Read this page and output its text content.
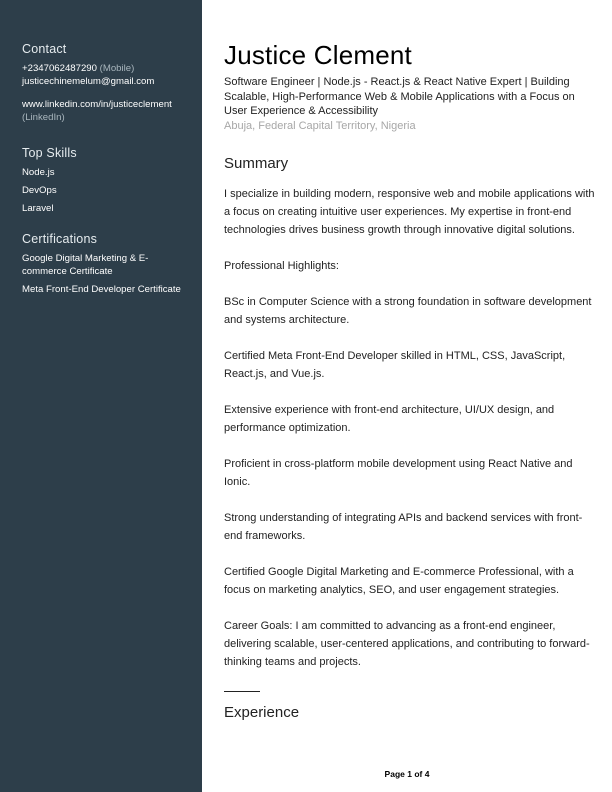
Contact
+2347062487290 (Mobile)
justicechinemelum@gmail.com
www.linkedin.com/in/justiceclement
(LinkedIn)
Top Skills
Node.js
DevOps
Laravel
Certifications
Google Digital Marketing & E-commerce Certificate
Meta Front-End Developer Certificate
Justice Clement
Software Engineer | Node.js - React.js & React Native Expert | Building Scalable, High-Performance Web & Mobile Applications with a Focus on User Experience & Accessibility
Abuja, Federal Capital Territory, Nigeria
Summary

I specialize in building modern, responsive web and mobile applications with a focus on creating intuitive user experiences. My expertise in front-end technologies drives business growth through innovative digital solutions.

Professional Highlights:

BSc in Computer Science with a strong foundation in software development and systems architecture.

Certified Meta Front-End Developer skilled in HTML, CSS, JavaScript, React.js, and Vue.js.

Extensive experience with front-end architecture, UI/UX design, and performance optimization.

Proficient in cross-platform mobile development using React Native and Ionic.

Strong understanding of integrating APIs and backend services with front-end frameworks.

Certified Google Digital Marketing and E-commerce Professional, with a focus on marketing analytics, SEO, and user engagement strategies.

Career Goals: I am committed to advancing as a front-end engineer, delivering scalable, user-centered applications, and contributing to forward-thinking teams and projects.

Experience
Page 1 of 4
